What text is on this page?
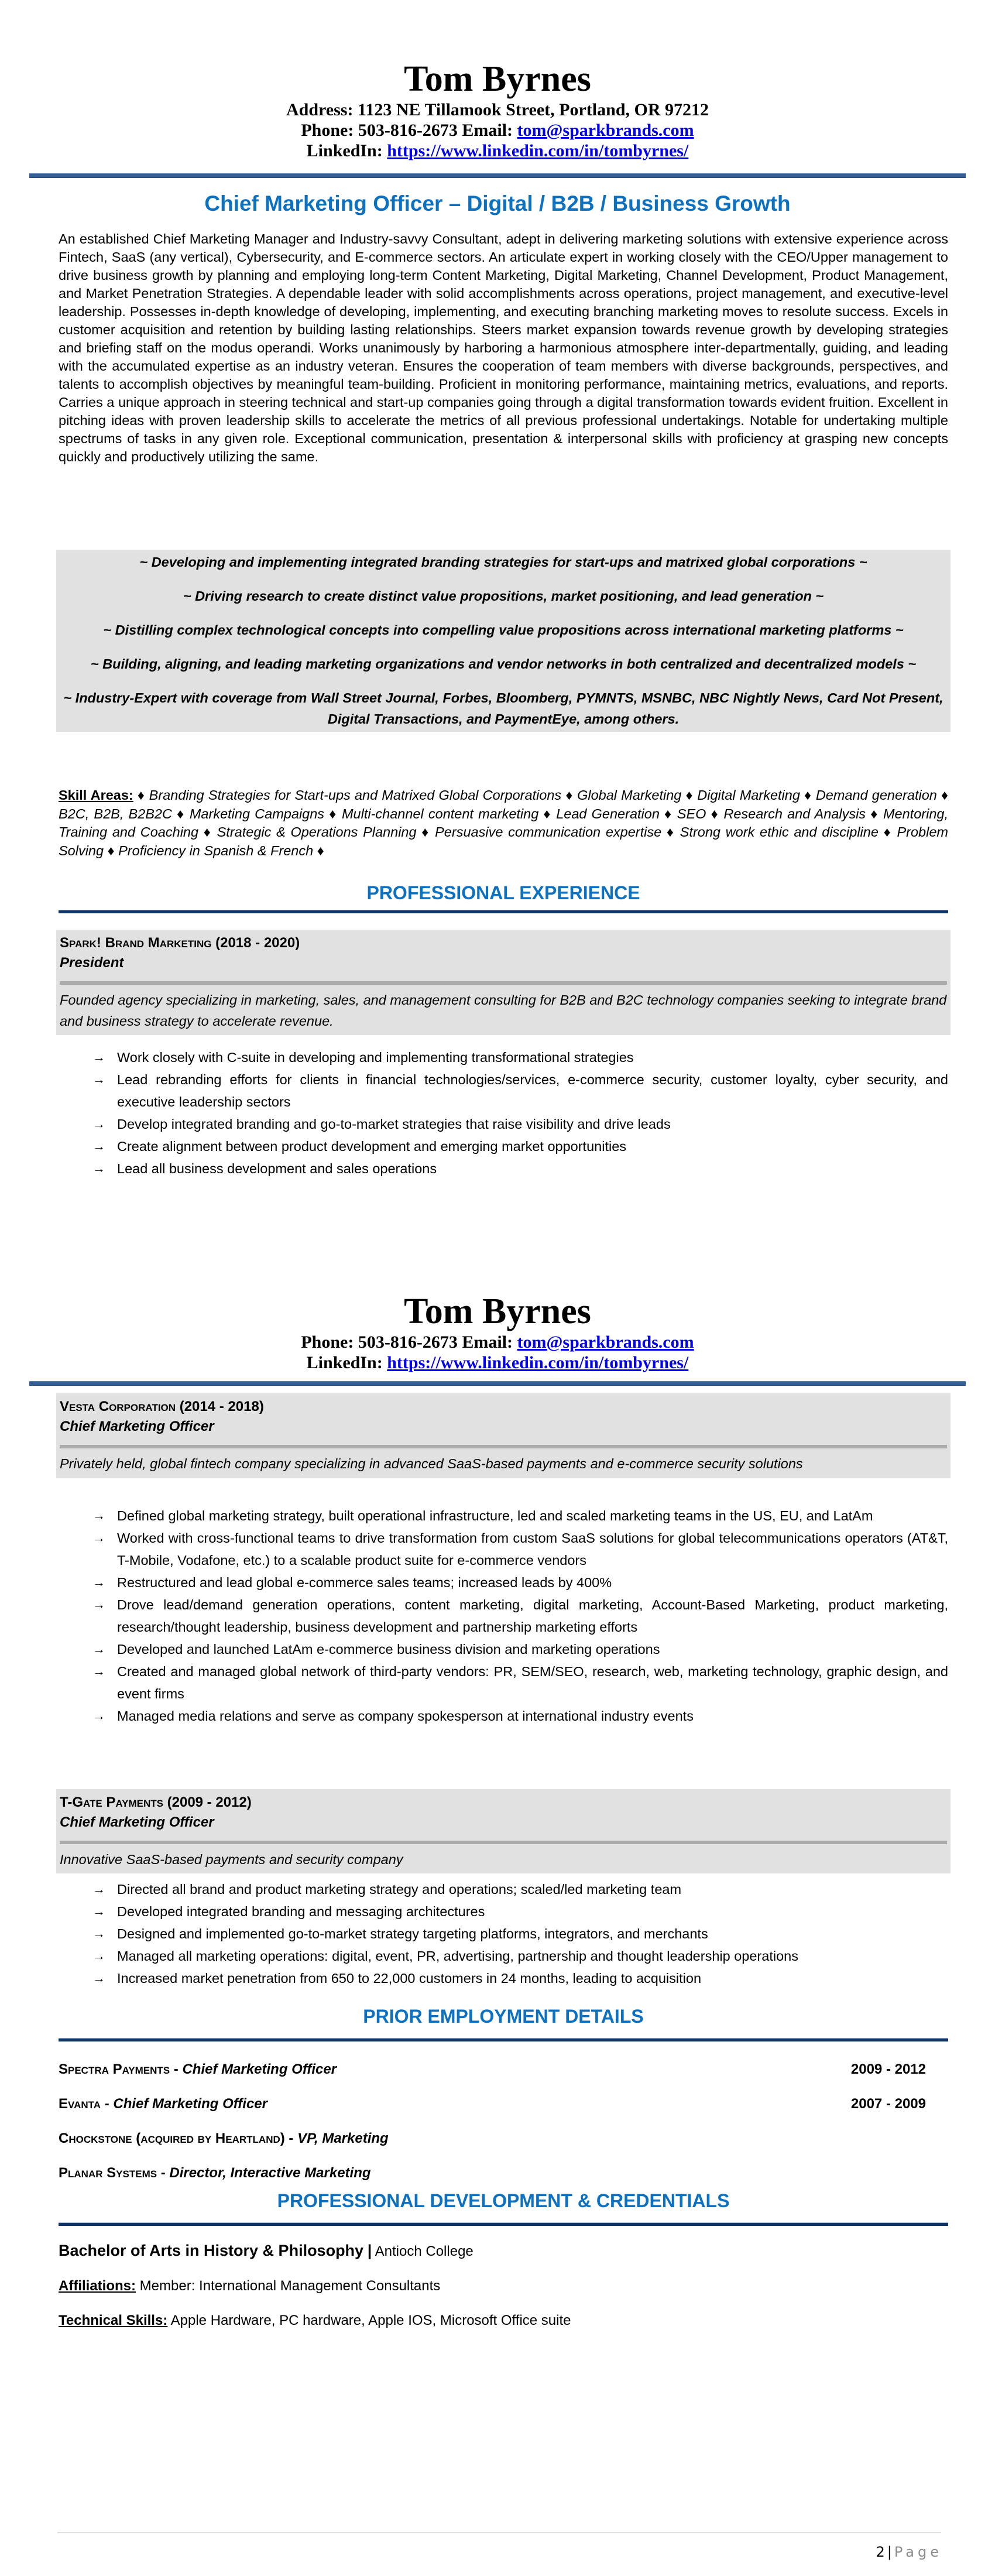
Tom Byrnes
Address: 1123 NE Tillamook Street, Portland, OR 97212
Phone: 503-816-2673 Email: tom@sparkbrands.com
LinkedIn: https://www.linkedin.com/in/tombyrnes/
Chief Marketing Officer – Digital / B2B / Business Growth
An established Chief Marketing Manager and Industry-savvy Consultant, adept in delivering marketing solutions with extensive experience across Fintech, SaaS (any vertical), Cybersecurity, and E-commerce sectors. An articulate expert in working closely with the CEO/Upper management to drive business growth by planning and employing long-term Content Marketing, Digital Marketing, Channel Development, Product Management, and Market Penetration Strategies. A dependable leader with solid accomplishments across operations, project management, and executive-level leadership. Possesses in-depth knowledge of developing, implementing, and executing branching marketing moves to resolute success. Excels in customer acquisition and retention by building lasting relationships. Steers market expansion towards revenue growth by developing strategies and briefing staff on the modus operandi. Works unanimously by harboring a harmonious atmosphere inter-departmentally, guiding, and leading with the accumulated expertise as an industry veteran. Ensures the cooperation of team members with diverse backgrounds, perspectives, and talents to accomplish objectives by meaningful team-building. Proficient in monitoring performance, maintaining metrics, evaluations, and reports. Carries a unique approach in steering technical and start-up companies going through a digital transformation towards evident fruition. Excellent in pitching ideas with proven leadership skills to accelerate the metrics of all previous professional undertakings. Notable for undertaking multiple spectrums of tasks in any given role. Exceptional communication, presentation & interpersonal skills with proficiency at grasping new concepts quickly and productively utilizing the same.
~ Developing and implementing integrated branding strategies for start-ups and matrixed global corporations ~
~ Driving research to create distinct value propositions, market positioning, and lead generation ~
~ Distilling complex technological concepts into compelling value propositions across international marketing platforms ~
~ Building, aligning, and leading marketing organizations and vendor networks in both centralized and decentralized models ~
~ Industry-Expert with coverage from Wall Street Journal, Forbes, Bloomberg, PYMNTS, MSNBC, NBC Nightly News, Card Not Present, Digital Transactions, and PaymentEye, among others.
Skill Areas: ♦ Branding Strategies for Start-ups and Matrixed Global Corporations ♦ Global Marketing ♦ Digital Marketing ♦ Demand generation ♦ B2C, B2B, B2B2C ♦ Marketing Campaigns ♦ Multi-channel content marketing ♦ Lead Generation ♦ SEO ♦ Research and Analysis ♦ Mentoring, Training and Coaching ♦ Strategic & Operations Planning ♦ Persuasive communication expertise ♦ Strong work ethic and discipline ♦ Problem Solving ♦ Proficiency in Spanish & French ♦
PROFESSIONAL EXPERIENCE
Spark! Brand Marketing (2018 - 2020)
President
Founded agency specializing in marketing, sales, and management consulting for B2B and B2C technology companies seeking to integrate brand and business strategy to accelerate revenue.
→ Work closely with C-suite in developing and implementing transformational strategies
→ Lead rebranding efforts for clients in financial technologies/services, e-commerce security, customer loyalty, cyber security, and executive leadership sectors
→ Develop integrated branding and go-to-market strategies that raise visibility and drive leads
→ Create alignment between product development and emerging market opportunities
→ Lead all business development and sales operations
Tom Byrnes
Phone: 503-816-2673 Email: tom@sparkbrands.com
LinkedIn: https://www.linkedin.com/in/tombyrnes/
Vesta Corporation (2014 - 2018)
Chief Marketing Officer
Privately held, global fintech company specializing in advanced SaaS-based payments and e-commerce security solutions
→ Defined global marketing strategy, built operational infrastructure, led and scaled marketing teams in the US, EU, and LatAm
→ Worked with cross-functional teams to drive transformation from custom SaaS solutions for global telecommunications operators (AT&T, T-Mobile, Vodafone, etc.) to a scalable product suite for e-commerce vendors
→ Restructured and lead global e-commerce sales teams; increased leads by 400%
→ Drove lead/demand generation operations, content marketing, digital marketing, Account-Based Marketing, product marketing, research/thought leadership, business development and partnership marketing efforts
→ Developed and launched LatAm e-commerce business division and marketing operations
→ Created and managed global network of third-party vendors: PR, SEM/SEO, research, web, marketing technology, graphic design, and event firms
→ Managed media relations and serve as company spokesperson at international industry events
T-Gate Payments (2009 - 2012)
Chief Marketing Officer
Innovative SaaS-based payments and security company
→ Directed all brand and product marketing strategy and operations; scaled/led marketing team
→ Developed integrated branding and messaging architectures
→ Designed and implemented go-to-market strategy targeting platforms, integrators, and merchants
→ Managed all marketing operations: digital, event, PR, advertising, partnership and thought leadership operations
→ Increased market penetration from 650 to 22,000 customers in 24 months, leading to acquisition
PRIOR EMPLOYMENT DETAILS
Spectra Payments - Chief Marketing Officer	2009 - 2012
Evanta - Chief Marketing Officer	2007 - 2009
Chockstone (acquired by Heartland) - VP, Marketing
Planar Systems - Director, Interactive Marketing
PROFESSIONAL DEVELOPMENT & CREDENTIALS
Bachelor of Arts in History & Philosophy | Antioch College
Affiliations: Member: International Management Consultants
Technical Skills: Apple Hardware, PC hardware, Apple IOS, Microsoft Office suite
2 | Page
